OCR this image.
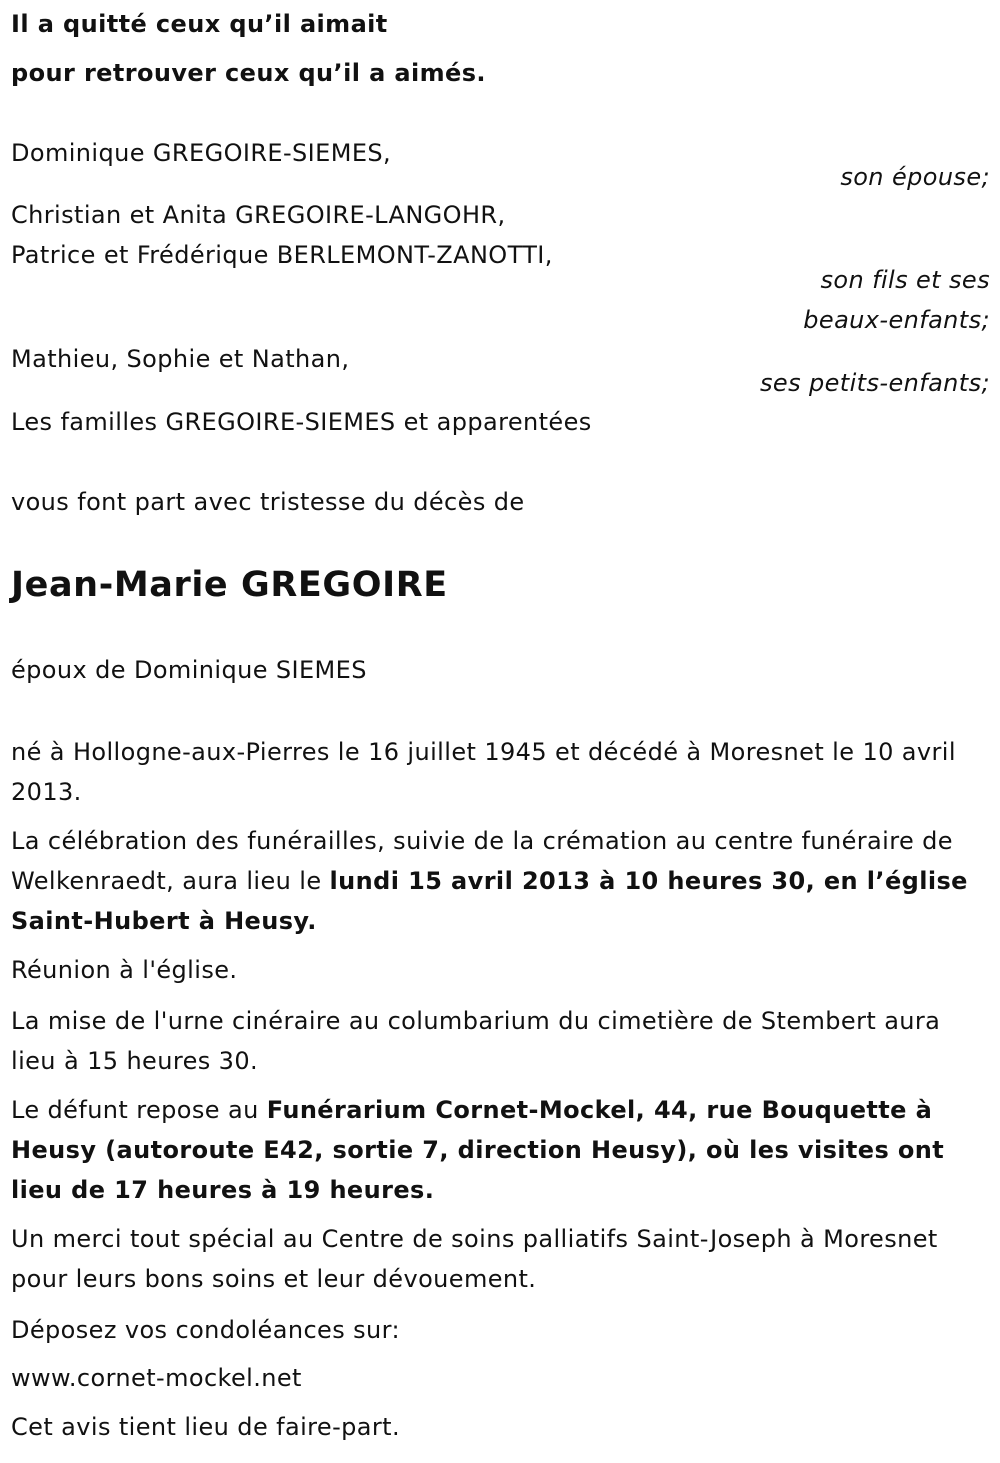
Il a quitté ceux qu’il aimait
pour retrouver ceux qu’il a aimés.
Dominique GREGOIRE-SIEMES,
son épouse;
Christian et Anita GREGOIRE-LANGOHR,
Patrice et Frédérique BERLEMONT-ZANOTTI,
son fils et ses
beaux-enfants;
Mathieu, Sophie et Nathan,
ses petits-enfants;
Les familles GREGOIRE-SIEMES et apparentées
vous font part avec tristesse du décès de
Jean-Marie GREGOIRE
époux de Dominique SIEMES
né à Hollogne-aux-Pierres le 16 juillet 1945 et décédé à Moresnet le 10 avril 2013.
La célébration des funérailles, suivie de la crémation au centre funéraire de Welkenraedt, aura lieu le lundi 15 avril 2013 à 10 heures 30, en l’église Saint-Hubert à Heusy.
Réunion à l'église.
La mise de l'urne cinéraire au columbarium du cimetière de Stembert aura lieu à 15 heures 30.
Le défunt repose au Funérarium Cornet-Mockel, 44, rue Bouquette à Heusy (autoroute E42, sortie 7, direction Heusy), où les visites ont lieu de 17 heures à 19 heures.
Un merci tout spécial au Centre de soins palliatifs Saint-Joseph à Moresnet pour leurs bons soins et leur dévouement.
Déposez vos condoléances sur:
www.cornet-mockel.net
Cet avis tient lieu de faire-part.
